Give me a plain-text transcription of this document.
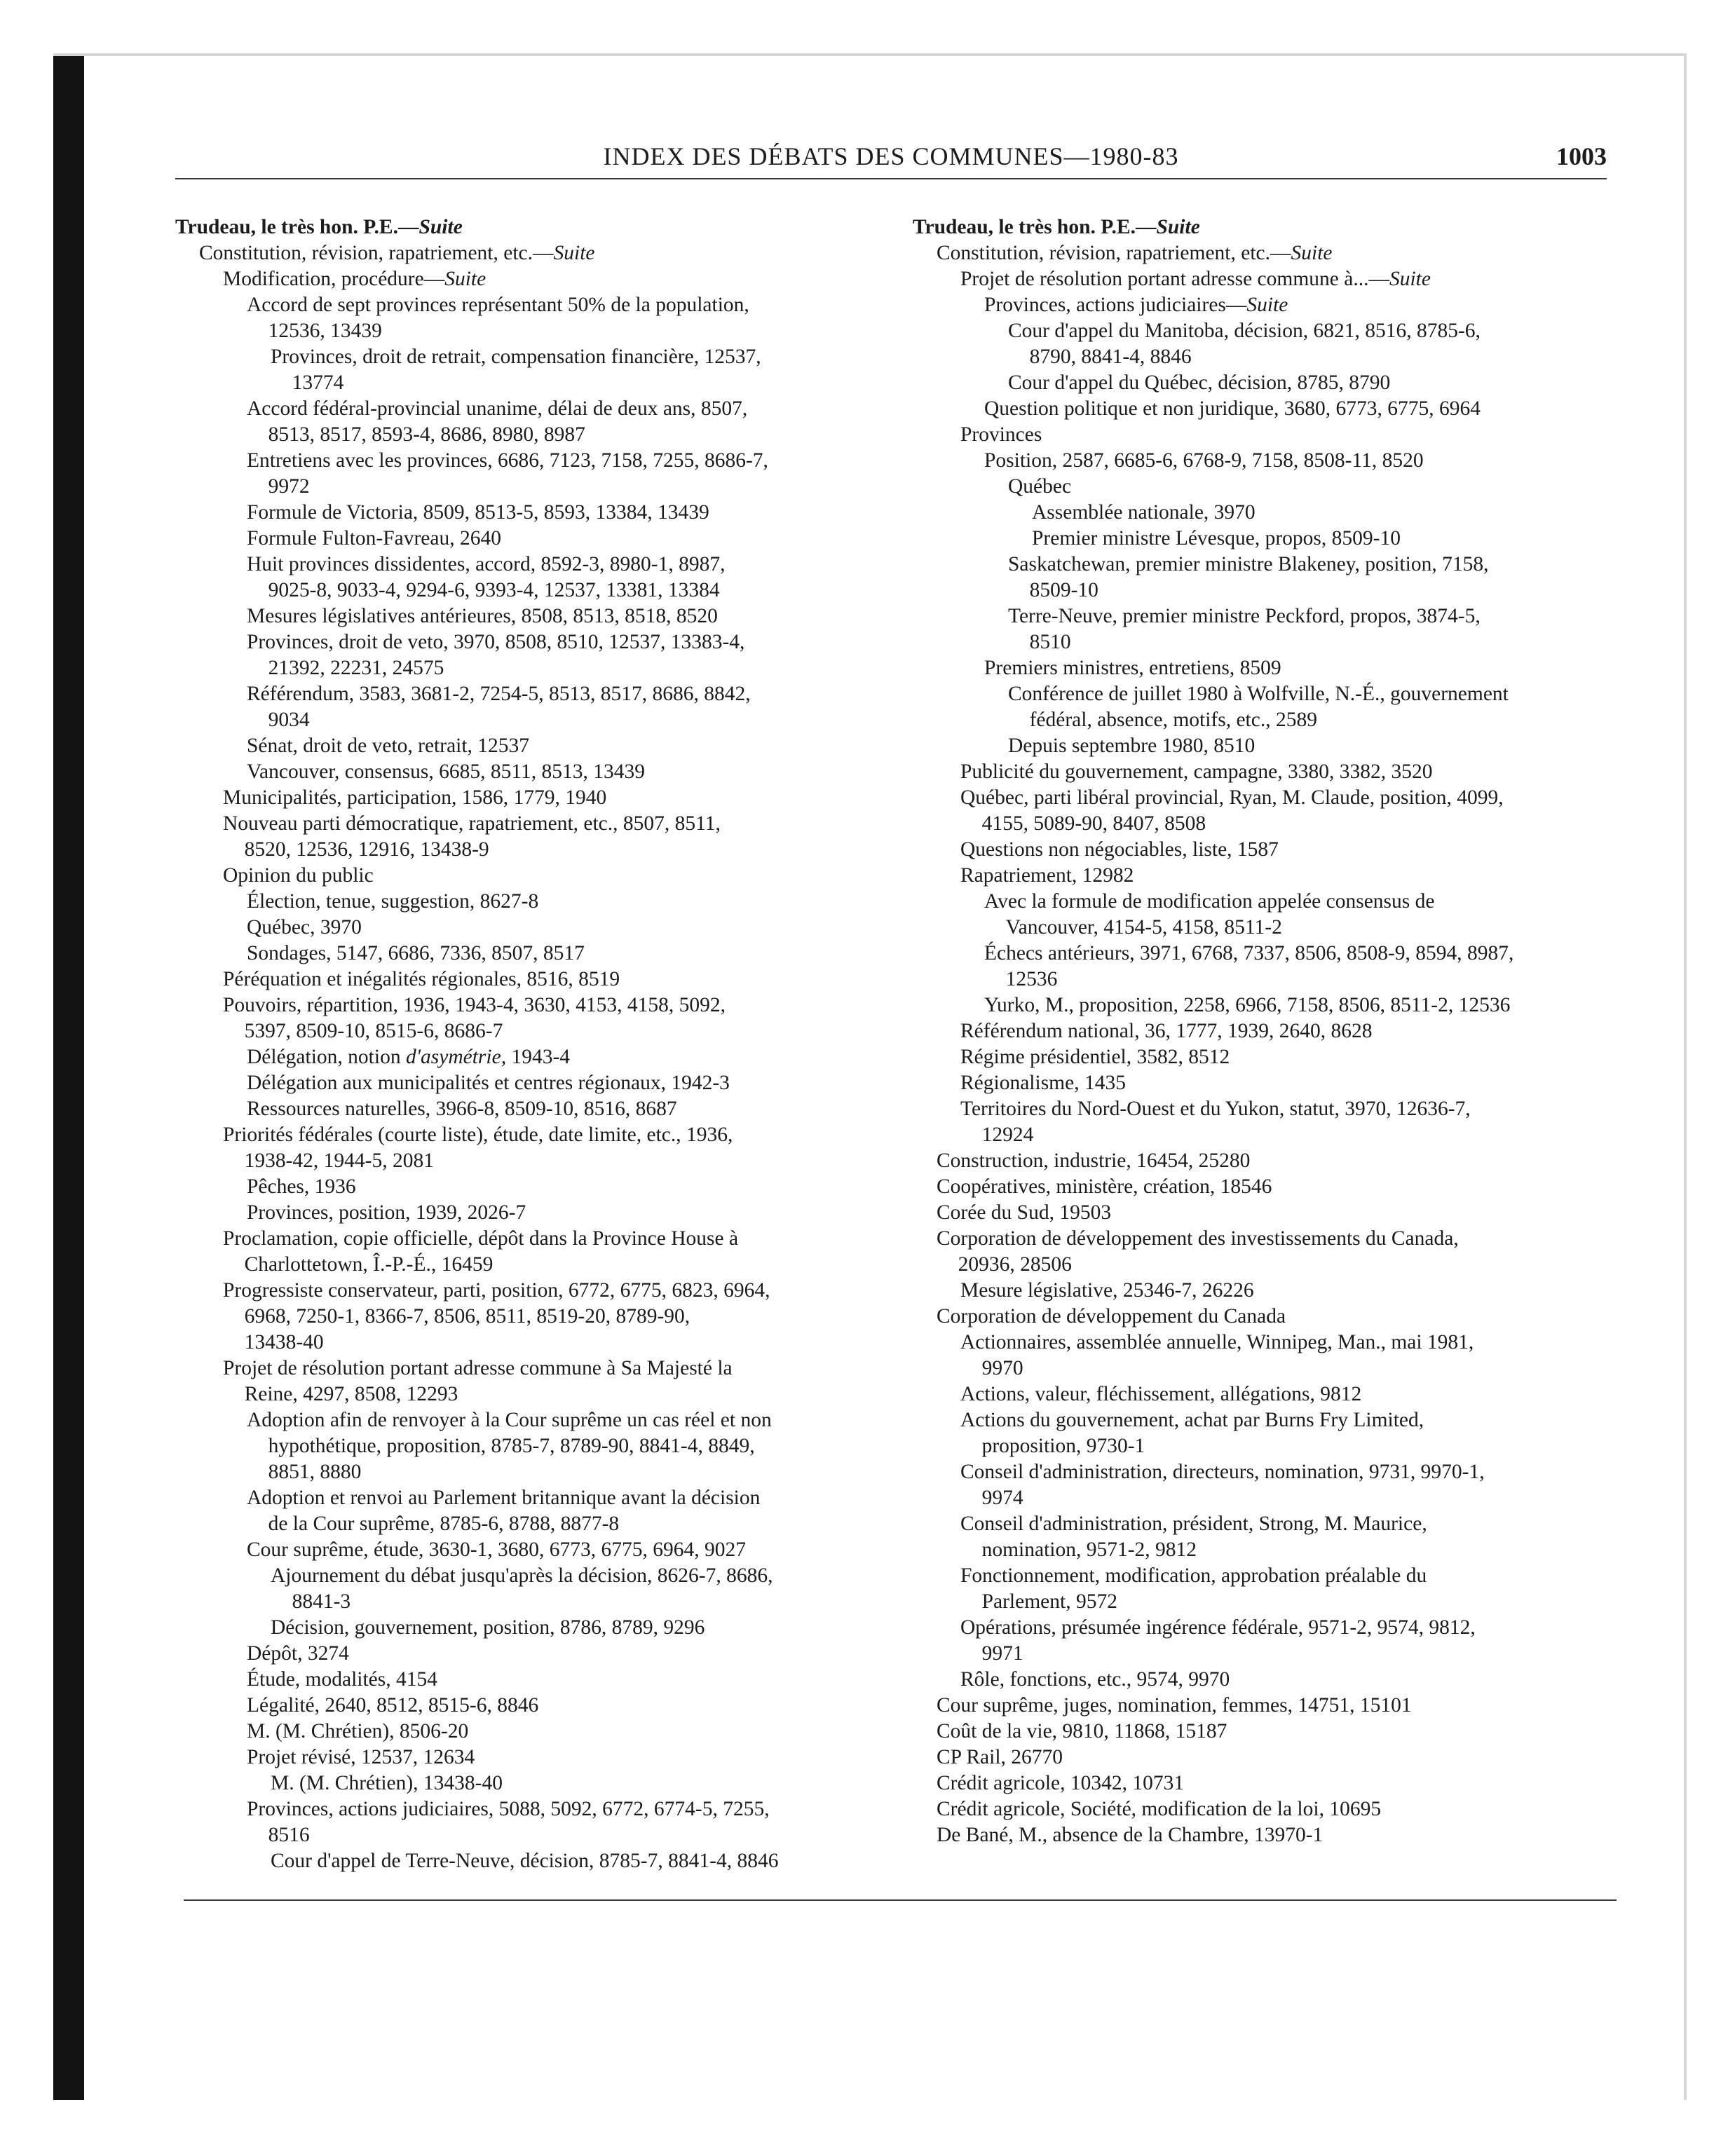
INDEX DES DÉBATS DES COMMUNES—1980-83	1003
Trudeau, le très hon. P.E.—Suite
Constitution, révision, rapatriement, etc.—Suite
Modification, procédure—Suite
Accord de sept provinces représentant 50% de la population,
12536, 13439
Provinces, droit de retrait, compensation financière, 12537,
13774
Accord fédéral-provincial unanime, délai de deux ans, 8507,
8513, 8517, 8593-4, 8686, 8980, 8987
Entretiens avec les provinces, 6686, 7123, 7158, 7255, 8686-7,
9972
Formule de Victoria, 8509, 8513-5, 8593, 13384, 13439
Formule Fulton-Favreau, 2640
Huit provinces dissidentes, accord, 8592-3, 8980-1, 8987,
9025-8, 9033-4, 9294-6, 9393-4, 12537, 13381, 13384
Mesures législatives antérieures, 8508, 8513, 8518, 8520
Provinces, droit de veto, 3970, 8508, 8510, 12537, 13383-4,
21392, 22231, 24575
Référendum, 3583, 3681-2, 7254-5, 8513, 8517, 8686, 8842,
9034
Sénat, droit de veto, retrait, 12537
Vancouver, consensus, 6685, 8511, 8513, 13439
Municipalités, participation, 1586, 1779, 1940
Nouveau parti démocratique, rapatriement, etc., 8507, 8511,
8520, 12536, 12916, 13438-9
Opinion du public
Élection, tenue, suggestion, 8627-8
Québec, 3970
Sondages, 5147, 6686, 7336, 8507, 8517
Péréquation et inégalités régionales, 8516, 8519
Pouvoirs, répartition, 1936, 1943-4, 3630, 4153, 4158, 5092,
5397, 8509-10, 8515-6, 8686-7
Délégation, notion d'asymétrie, 1943-4
Délégation aux municipalités et centres régionaux, 1942-3
Ressources naturelles, 3966-8, 8509-10, 8516, 8687
Priorités fédérales (courte liste), étude, date limite, etc., 1936,
1938-42, 1944-5, 2081
Pêches, 1936
Provinces, position, 1939, 2026-7
Proclamation, copie officielle, dépôt dans la Province House à
Charlottetown, Î.-P.-É., 16459
Progressiste conservateur, parti, position, 6772, 6775, 6823, 6964,
6968, 7250-1, 8366-7, 8506, 8511, 8519-20, 8789-90,
13438-40
Projet de résolution portant adresse commune à Sa Majesté la
Reine, 4297, 8508, 12293
Adoption afin de renvoyer à la Cour suprême un cas réel et non
hypothétique, proposition, 8785-7, 8789-90, 8841-4, 8849,
8851, 8880
Adoption et renvoi au Parlement britannique avant la décision
de la Cour suprême, 8785-6, 8788, 8877-8
Cour suprême, étude, 3630-1, 3680, 6773, 6775, 6964, 9027
Ajournement du débat jusqu'après la décision, 8626-7, 8686,
8841-3
Décision, gouvernement, position, 8786, 8789, 9296
Dépôt, 3274
Étude, modalités, 4154
Légalité, 2640, 8512, 8515-6, 8846
M. (M. Chrétien), 8506-20
Projet révisé, 12537, 12634
M. (M. Chrétien), 13438-40
Provinces, actions judiciaires, 5088, 5092, 6772, 6774-5, 7255,
8516
Cour d'appel de Terre-Neuve, décision, 8785-7, 8841-4, 8846
Trudeau, le très hon. P.E.—Suite
Constitution, révision, rapatriement, etc.—Suite
Projet de résolution portant adresse commune à...—Suite
Provinces, actions judiciaires—Suite
Cour d'appel du Manitoba, décision, 6821, 8516, 8785-6,
8790, 8841-4, 8846
Cour d'appel du Québec, décision, 8785, 8790
Question politique et non juridique, 3680, 6773, 6775, 6964
Provinces
Position, 2587, 6685-6, 6768-9, 7158, 8508-11, 8520
Québec
Assemblée nationale, 3970
Premier ministre Lévesque, propos, 8509-10
Saskatchewan, premier ministre Blakeney, position, 7158,
8509-10
Terre-Neuve, premier ministre Peckford, propos, 3874-5,
8510
Premiers ministres, entretiens, 8509
Conférence de juillet 1980 à Wolfville, N.-É., gouvernement
fédéral, absence, motifs, etc., 2589
Depuis septembre 1980, 8510
Publicité du gouvernement, campagne, 3380, 3382, 3520
Québec, parti libéral provincial, Ryan, M. Claude, position, 4099,
4155, 5089-90, 8407, 8508
Questions non négociables, liste, 1587
Rapatriement, 12982
Avec la formule de modification appelée consensus de
Vancouver, 4154-5, 4158, 8511-2
Échecs antérieurs, 3971, 6768, 7337, 8506, 8508-9, 8594, 8987,
12536
Yurko, M., proposition, 2258, 6966, 7158, 8506, 8511-2, 12536
Référendum national, 36, 1777, 1939, 2640, 8628
Régime présidentiel, 3582, 8512
Régionalisme, 1435
Territoires du Nord-Ouest et du Yukon, statut, 3970, 12636-7,
12924
Construction, industrie, 16454, 25280
Coopératives, ministère, création, 18546
Corée du Sud, 19503
Corporation de développement des investissements du Canada,
20936, 28506
Mesure législative, 25346-7, 26226
Corporation de développement du Canada
Actionnaires, assemblée annuelle, Winnipeg, Man., mai 1981,
9970
Actions, valeur, fléchissement, allégations, 9812
Actions du gouvernement, achat par Burns Fry Limited,
proposition, 9730-1
Conseil d'administration, directeurs, nomination, 9731, 9970-1,
9974
Conseil d'administration, président, Strong, M. Maurice,
nomination, 9571-2, 9812
Fonctionnement, modification, approbation préalable du
Parlement, 9572
Opérations, présumée ingérence fédérale, 9571-2, 9574, 9812,
9971
Rôle, fonctions, etc., 9574, 9970
Cour suprême, juges, nomination, femmes, 14751, 15101
Coût de la vie, 9810, 11868, 15187
CP Rail, 26770
Crédit agricole, 10342, 10731
Crédit agricole, Société, modification de la loi, 10695
De Bané, M., absence de la Chambre, 13970-1
